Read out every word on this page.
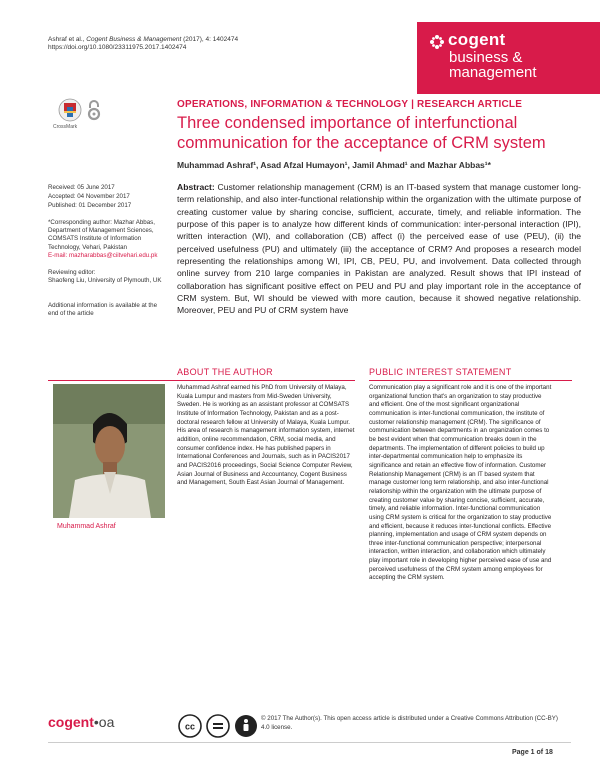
Ashraf et al., Cogent Business & Management (2017), 4: 1402474
https://doi.org/10.1080/23311975.2017.1402474	cogent
business &
management
CrossMark
OPERATIONS, INFORMATION & TECHNOLOGY | RESEARCH ARTICLE
Three condensed importance of interfunctional communication for the acceptance of CRM system
Muhammad Ashraf¹, Asad Afzal Humayon¹, Jamil Ahmad¹ and Mazhar Abbas¹*
Received: 05 June 2017
Accepted: 04 November 2017
Published: 01 December 2017
*Corresponding author: Mazhar Abbas, Department of Management Sciences, COMSATS Institute of Information Technology, Vehari, Pakistan
E-mail: mazharabbas@ciitvehari.edu.pk
Reviewing editor:
Shaofeng Liu, University of Plymouth, UK
Additional information is available at the end of the article
Abstract: Customer relationship management (CRM) is an IT-based system that manage customer long-term relationship, and also inter-functional relationship within the organization with the ultimate purpose of creating customer value by sharing concise, sufficient, accurate, timely, and reliable information. The purpose of this paper is to analyze how different kinds of communication: inter-personal interaction (IPI), written interaction (WI), and collaboration (CB) affect (i) the perceived ease of use (PEU), (ii) the perceived usefulness (PU) and ultimately (iii) the acceptance of CRM? And proposes a research model representing the relationships among WI, IPI, CB, PEU, PU, and involvement. Data collected through online survey from 210 large companies in Pakistan are analyzed. Result shows that IPI instead of collaboration has significant positive effect on PEU and PU and play important role in the acceptance of CRM system. But, WI should be viewed with more caution, because it showed negative relationship. Moreover, PEU and PU of CRM system have
ABOUT THE AUTHOR
Muhammad Ashraf
Muhammad Ashraf earned his PhD from University of Malaya, Kuala Lumpur and masters from Mid-Sweden University, Sweden. He is working as an assistant professor at COMSATS Institute of Information Technology, Pakistan and as a post-doctoral research fellow at University of Malaya, Kuala Lumpur. His area of research is management information system, internet addition, online recommendation, CRM, social media, and consumer confidence index. He has published papers in International Conferences and Journals, such as in PACIS2017 and PACIS2016 proceedings, Social Science Computer Review, Asian Journal of Business and Accountancy, Cogent Business and Management, South East Asian Journal of Management.
PUBLIC INTEREST STATEMENT
Communication play a significant role and it is one of the important organizational function that's an organization to stay productive and efficient. One of the most significant organizational communication is inter-functional communication, the institute of customer relationship management (CRM). The significance of communication between departments in an organization comes to be best evident when that communication breaks down in the departments. The implementation of different policies to build up inter-departmental communication help to emphasize its significance and retain an effective flow of information. Customer Relationship Management (CRM) is an IT based system that manage customer long term relationship, and also inter-functional relationship within the organization with the ultimate purpose of creating customer value by sharing concise, sufficient, accurate, timely, and reliable information. Inter-functional communication using CRM system is critical for the organization to stay productive and efficient, because it reduces inter-functional conflicts. Effective planning, implementation and usage of CRM system depends on three inter-functional communication perspective; interpersonal interaction, written interaction, and collaboration which ultimately play important role in developing higher perceived ease of use and perceived usefulness of the CRM system among employees for accepting the CRM system.
cogent•oa	cc
© 2017 The Author(s). This open access article is distributed under a Creative Commons Attribution (CC-BY) 4.0 license.
Page 1 of 18
